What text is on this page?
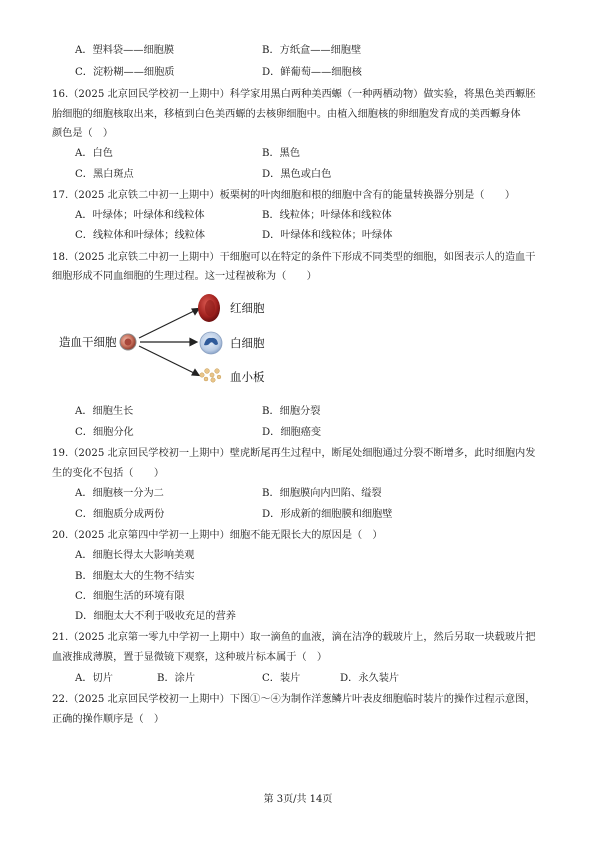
A．塑料袋——细胞膜	B．方纸盒——细胞壁
C．淀粉糊——细胞质	D．鲜葡萄——细胞核
16.（2025 北京回民学校初一上期中）科学家用黑白两种美西螈（一种两栖动物）做实验，将黑色美西螈胚
胎细胞的细胞核取出来，移植到白色美西螈的去核卵细胞中。由植入细胞核的卵细胞发育成的美西螈身体
颜色是（　）
A．白色	B．黑色
C．黑白斑点	D．黑色或白色
17.（2025 北京铁二中初一上期中）板栗树的叶肉细胞和根的细胞中含有的能量转换器分别是（　　）
A．叶绿体；叶绿体和线粒体	B．线粒体；叶绿体和线粒体
C．线粒体和叶绿体；线粒体	D．叶绿体和线粒体；叶绿体
18.（2025 北京铁二中初一上期中）干细胞可以在特定的条件下形成不同类型的细胞，如图表示人的造血干
细胞形成不同血细胞的生理过程。这一过程被称为（　　）
造血干细胞
红细胞
白细胞
血小板
A．细胞生长	B．细胞分裂
C．细胞分化	D．细胞癌变
19.（2025 北京回民学校初一上期中）壁虎断尾再生过程中，断尾处细胞通过分裂不断增多，此时细胞内发
生的变化不包括（　　）
A．细胞核一分为二	B．细胞膜向内凹陷、缢裂
C．细胞质分成两份	D．形成新的细胞膜和细胞壁
20.（2025 北京第四中学初一上期中）细胞不能无限长大的原因是（　）
A．细胞长得太大影响美观
B．细胞太大的生物不结实
C．细胞生活的环境有限
D．细胞太大不利于吸收充足的营养
21.（2025 北京第一零九中学初一上期中）取一滴鱼的血液，滴在洁净的载玻片上，然后另取一块载玻片把
血液推成薄膜，置于显微镜下观察，这种玻片标本属于（　）
A．切片	B．涂片	C．装片	D．永久装片
22.（2025 北京回民学校初一上期中）下图①～④为制作洋葱鳞片叶表皮细胞临时装片的操作过程示意图，
正确的操作顺序是（　）
第 3页/共 14页
